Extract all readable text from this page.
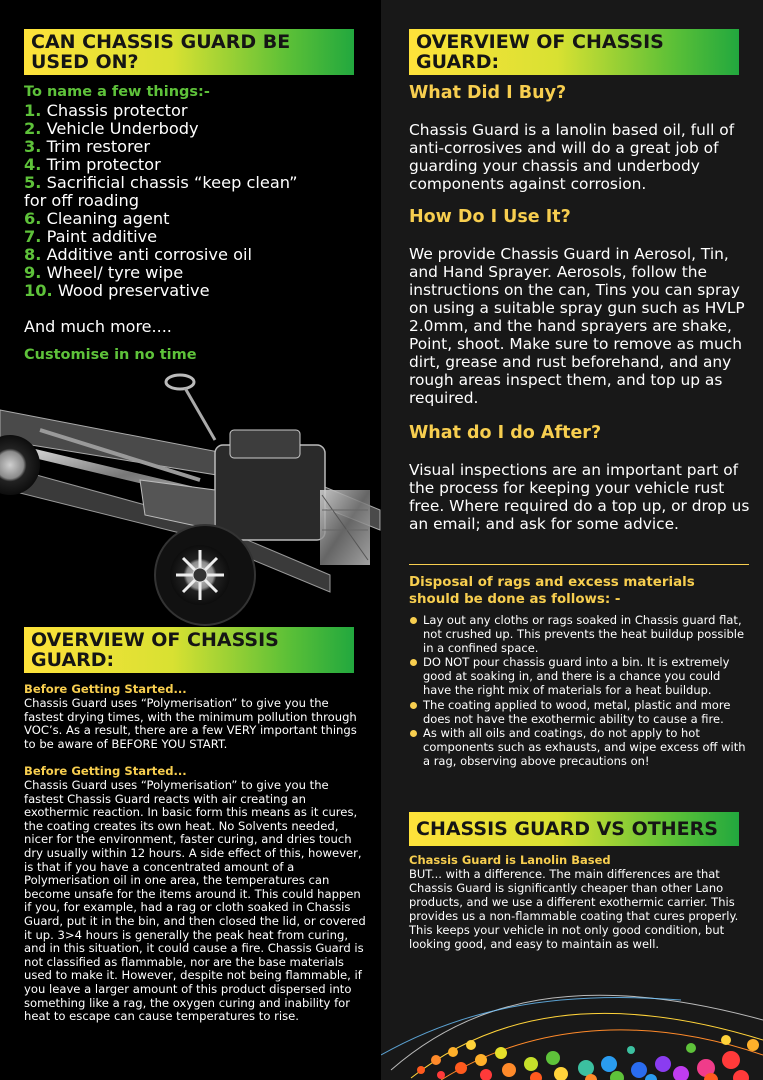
CAN CHASSIS GUARD BE USED ON?
To name a few things:-
1. Chassis protector
2. Vehicle Underbody
3. Trim restorer
4. Trim protector
5. Sacrificial chassis “keep clean”
for off roading
6. Cleaning agent
7. Paint additive
8. Additive anti corrosive oil
9. Wheel/ tyre wipe
10. Wood preservative
And much more....
Customise in no time
OVERVIEW OF CHASSIS GUARD:
Before Getting Started...
Chassis Guard uses “Polymerisation” to give you the fastest drying times, with the minimum pollution through VOC’s. As a result, there are a few VERY important things to be aware of BEFORE YOU START.
Before Getting Started...
Chassis Guard uses “Polymerisation” to give you the fastest Chassis Guard reacts with air creating an exothermic reaction. In basic form this means as it cures, the coating creates its own heat. No Solvents needed, nicer for the environment, faster curing, and dries touch dry usually within 12 hours. A side effect of this, however, is that if you have a concentrated amount of a Polymerisation oil in one area, the temperatures can become unsafe for the items around it. This could happen if you, for example, had a rag or cloth soaked in Chassis Guard, put it in the bin, and then closed the lid, or covered it up. 3>4 hours is generally the peak heat from curing, and in this situation, it could cause a fire. Chassis Guard is not classified as flammable, nor are the base materials used to make it. However, despite not being flammable, if you leave a larger amount of this product dispersed into something like a rag, the oxygen curing and inability for heat to escape can cause temperatures to rise.
OVERVIEW OF CHASSIS GUARD:
What Did I Buy?
Chassis Guard is a lanolin based oil, full of anti-corrosives and will do a great job of guarding your chassis and underbody components against corrosion.
How Do I Use It?
We provide Chassis Guard in Aerosol, Tin, and Hand Sprayer. Aerosols, follow the instructions on the can, Tins you can spray on using a suitable spray gun such as HVLP 2.0mm, and the hand sprayers are shake, Point, shoot. Make sure to remove as much dirt, grease and rust beforehand, and any rough areas inspect them, and top up as required.
What do I do After?
Visual inspections are an important part of the process for keeping your vehicle rust free. Where required do a top up, or drop us an email; and ask for some advice.
Disposal of rags and excess materials should be done as follows: -
Lay out any cloths or rags soaked in Chassis guard flat, not crushed up. This prevents the heat buildup possible in a confined space.
DO NOT pour chassis guard into a bin. It is extremely good at soaking in, and there is a chance you could have the right mix of materials for a heat buildup.
The coating applied to wood, metal, plastic and more does not have the exothermic ability to cause a fire.
As with all oils and coatings, do not apply to hot components such as exhausts, and wipe excess off with a rag, observing above precautions on!
CHASSIS GUARD VS OTHERS
Chassis Guard is Lanolin Based
BUT... with a difference. The main differences are that Chassis Guard is significantly cheaper than other Lano products, and we use a different exothermic carrier. This provides us a non-flammable coating that cures properly. This keeps your vehicle in not only good condition, but looking good, and easy to maintain as well.
